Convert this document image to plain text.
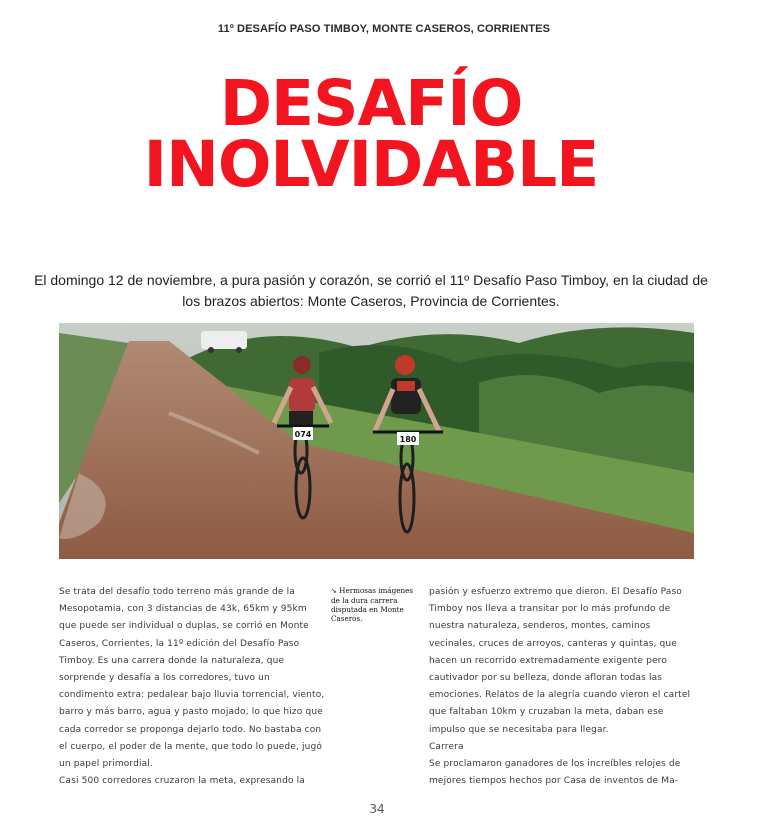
11º DESAFÍO PASO TIMBOY, MONTE CASEROS, CORRIENTES
DESAFÍO
INOLVIDABLE
El domingo 12 de noviembre, a pura pasión y corazón, se corrió el 11º Desafío Paso Timboy, en la ciudad de los brazos abiertos: Monte Caseros, Provincia de Corrientes.
074
180

Se trata del desafío todo terreno más grande de la Mesopotamia, con 3 distancias de 43k, 65km y 95km que puede ser individual o duplas, se corrió en Monte Caseros, Corrientes, la 11º edición del Desafío Paso Timboy. Es una carrera donde la naturaleza, que sorprende y desafía a los corredores, tuvo un condimento extra: pedalear bajo lluvia torrencial, viento, barro y más barro, agua y pasto mojado, lo que hizo que cada corredor se proponga dejarlo todo. No bastaba con el cuerpo, el poder de la mente, que todo lo puede, jugó un papel primordial.

Casi 500 corredores cruzaron la meta, expresando la

➘ Hermosas imágenes de la dura carrera disputada en Monte Caseros.

pasión y esfuerzo extremo que dieron. El Desafío Paso Timboy nos lleva a transitar por lo más profundo de nuestra naturaleza, senderos, montes, caminos vecinales, cruces de arroyos, canteras y quintas, que hacen un recorrido extremadamente exigente pero cautivador por su belleza, donde afloran todas las emociones. Relatos de la alegría cuando vieron el cartel que faltaban 10km y cruzaban la meta, daban ese impulso que se necesitaba para llegar.

Carrera

Se proclamaron ganadores de los increíbles relojes de mejores tiempos hechos por Casa de inventos de Ma-

34
